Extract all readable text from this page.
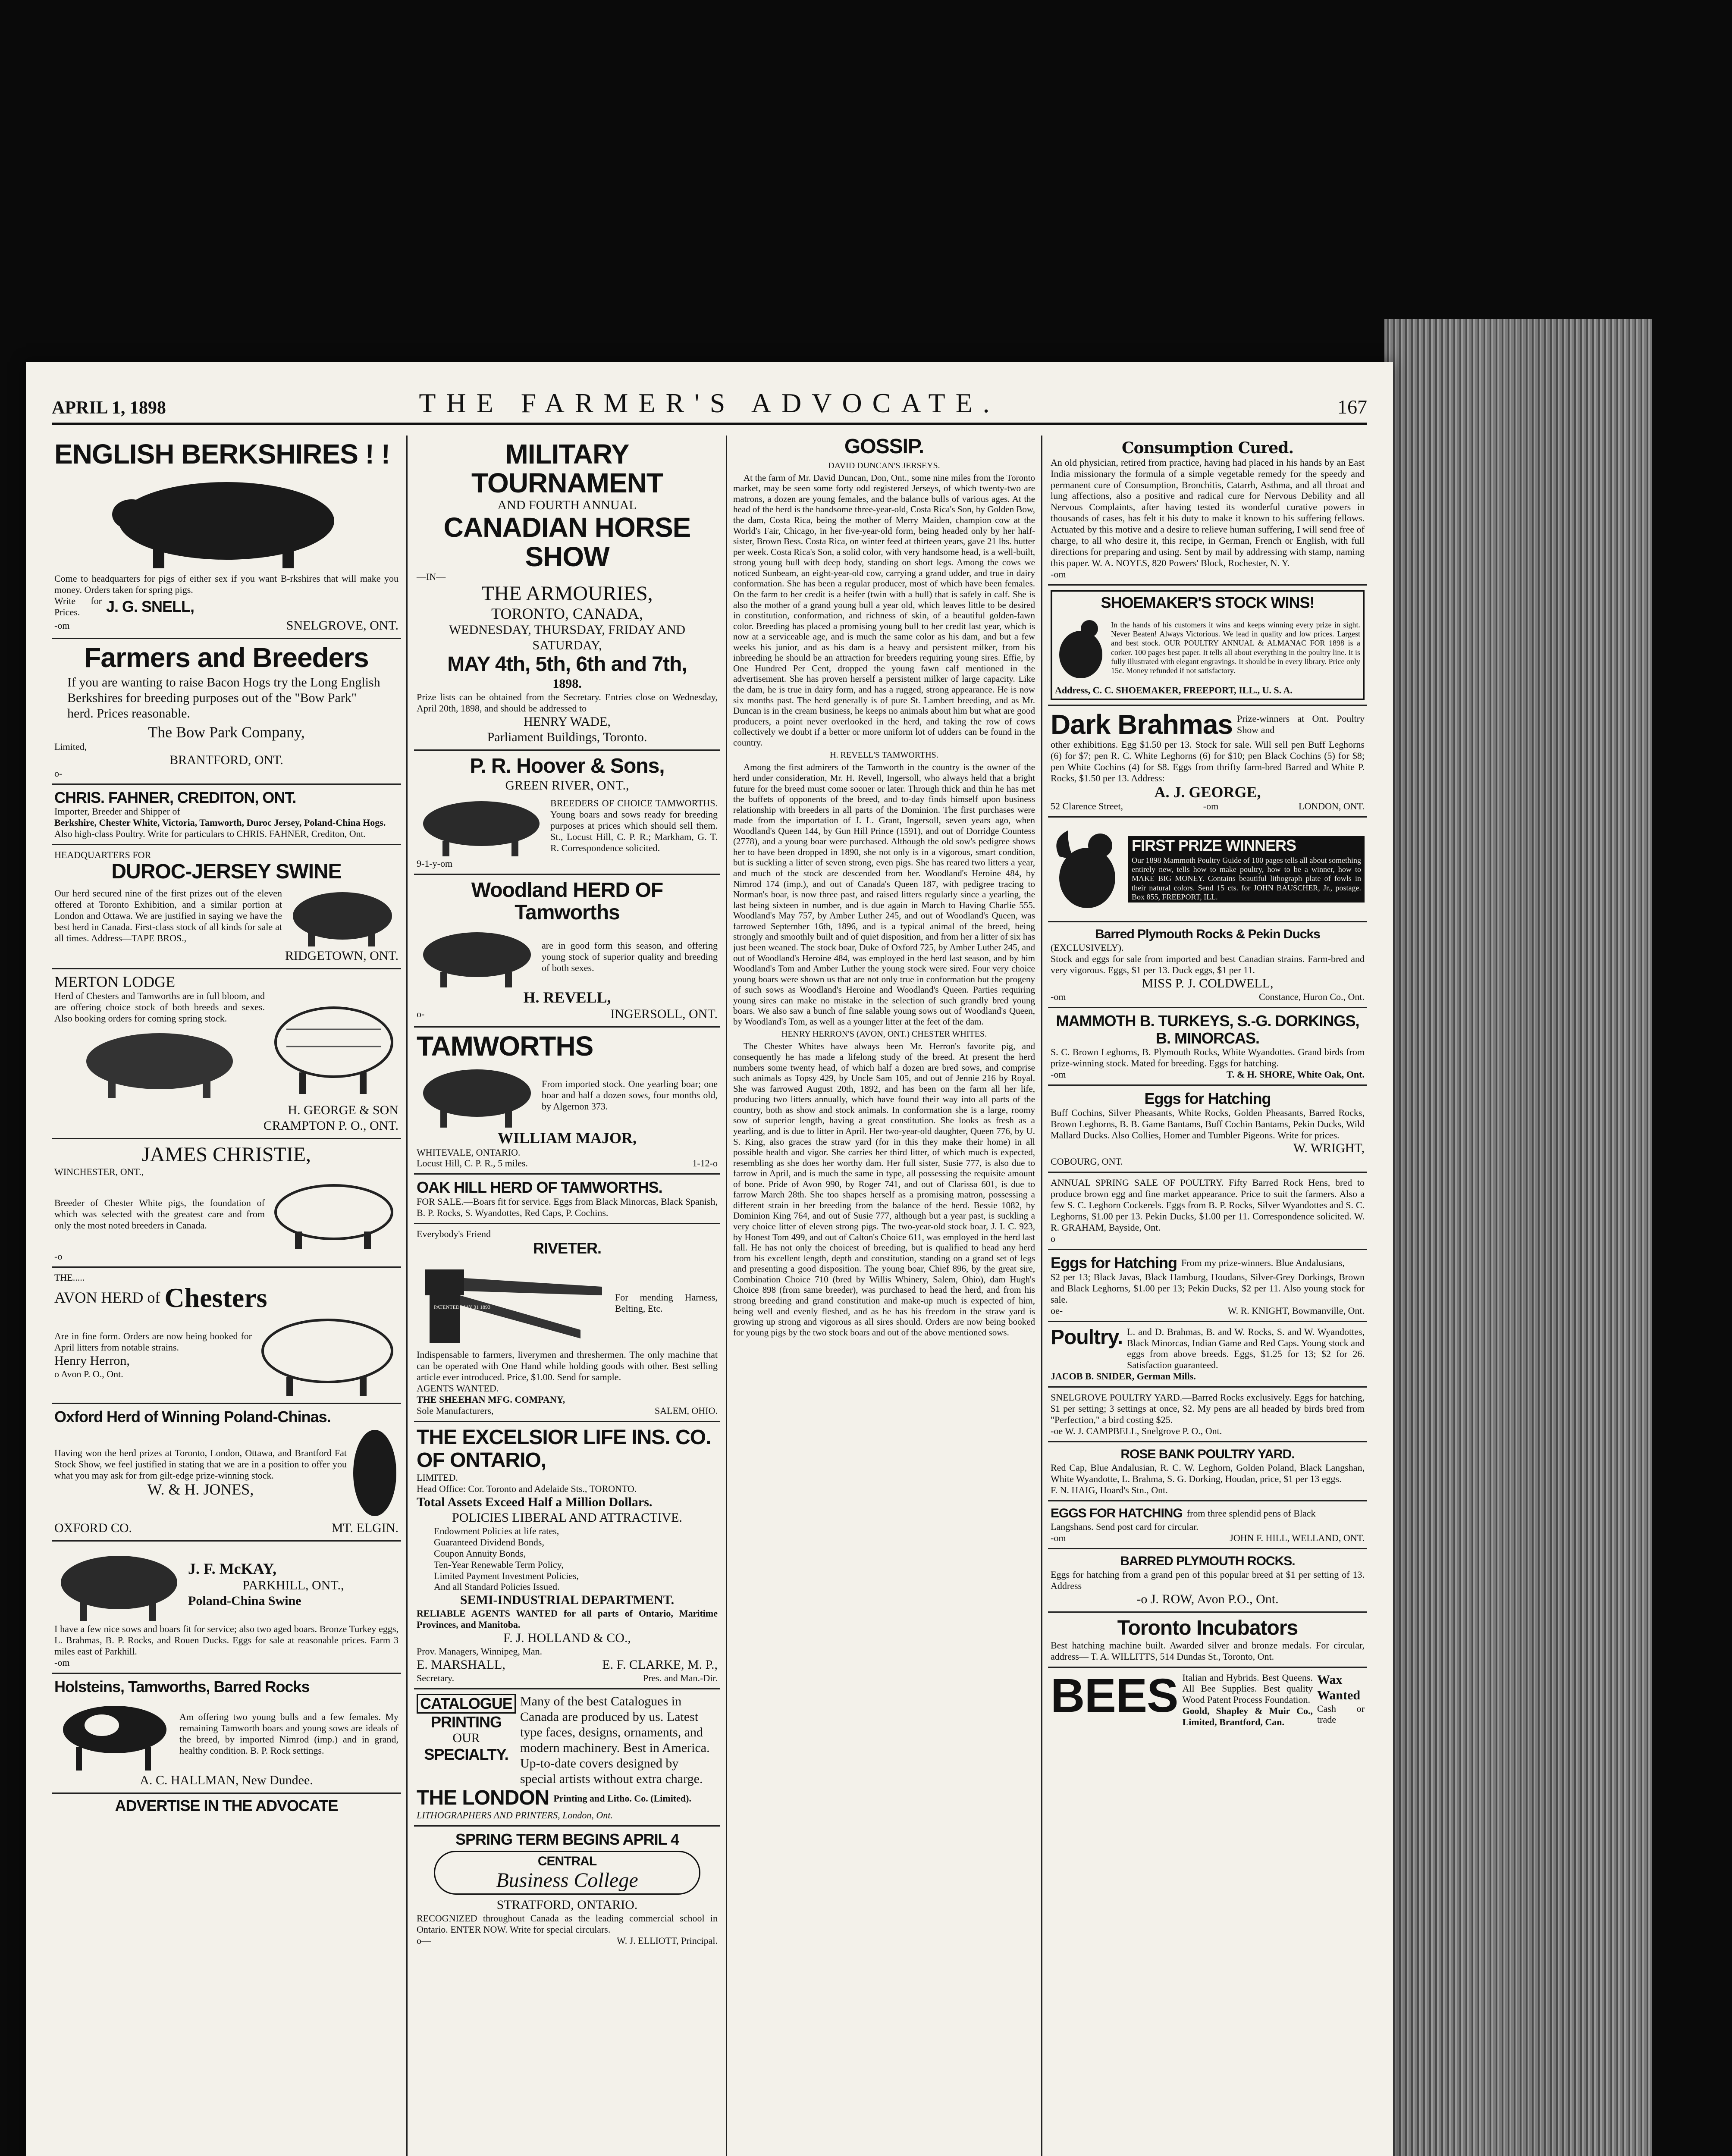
APRIL 1, 1898	THE FARMER'S ADVOCATE.	167
ENGLISH BERKSHIRES ! !
Come to headquarters for pigs of either sex if you want B-rkshires that will make you money. Orders taken for spring pigs.
Write for Prices.	J. G. SNELL,
-om	SNELGROVE, ONT.
Farmers and Breeders
If you are wanting to raise Bacon Hogs try the Long English Berkshires for breeding purposes out of the "Bow Park" herd. Prices reasonable.
The Bow Park Company,
Limited,
BRANTFORD, ONT.
o-
CHRIS. FAHNER, CREDITON, ONT.
Importer, Breeder and Shipper of
Berkshire, Chester White, Victoria, Tamworth, Duroc Jersey, Poland-China Hogs.
Also high-class Poultry. Write for particulars to CHRIS. FAHNER, Crediton, Ont.
HEADQUARTERS FOR
DUROC-JERSEY SWINE
Our herd secured nine of the first prizes out of the eleven offered at Toronto Exhibition, and a similar portion at London and Ottawa. We are justified in saying we have the best herd in Canada. First-class stock of all kinds for sale at all times. Address—TAPE BROS.,
RIDGETOWN, ONT.
MERTON LODGE
Herd of Chesters and Tamworths are in full bloom, and are offering choice stock of both breeds and sexes. Also booking orders for coming spring stock.
H. GEORGE & SON
CRAMPTON P. O., ONT.
JAMES CHRISTIE,
WINCHESTER, ONT.,
Breeder of Chester White pigs, the foundation of which was selected with the greatest care and from only the most noted breeders in Canada.
-o
THE.....
AVON HERD of Chesters
Are in fine form. Orders are now being booked for April litters from notable strains.
Henry Herron,
o Avon P. O., Ont.
Oxford Herd of Winning Poland-Chinas.
Having won the herd prizes at Toronto, London, Ottawa, and Brantford Fat Stock Show, we feel justified in stating that we are in a position to offer you what you may ask for from gilt-edge prize-winning stock.
W. & H. JONES,
OXFORD CO.	MT. ELGIN.
J. F. McKAY,
PARKHILL, ONT.,
Poland-China Swine
I have a few nice sows and boars fit for service; also two aged boars. Bronze Turkey eggs, L. Brahmas, B. P. Rocks, and Rouen Ducks. Eggs for sale at reasonable prices. Farm 3 miles east of Parkhill.
-om
Holsteins, Tamworths, Barred Rocks
Am offering two young bulls and a few females. My remaining Tamworth boars and young sows are ideals of the breed, by imported Nimrod (imp.) and in grand, healthy condition. B. P. Rock settings.
A. C. HALLMAN, New Dundee.
ADVERTISE IN THE ADVOCATE
MILITARY TOURNAMENT
AND FOURTH ANNUAL
CANADIAN HORSE SHOW
—IN—
THE ARMOURIES,
TORONTO, CANADA,
WEDNESDAY, THURSDAY, FRIDAY AND SATURDAY,
MAY 4th, 5th, 6th and 7th,
1898.
Prize lists can be obtained from the Secretary. Entries close on Wednesday, April 20th, 1898, and should be addressed to
HENRY WADE,
Parliament Buildings, Toronto.
P. R. Hoover & Sons,
GREEN RIVER, ONT.,
BREEDERS OF CHOICE TAMWORTHS. Young boars and sows ready for breeding purposes at prices which should sell them. St., Locust Hill, C. P. R.; Markham, G. T. R. Correspondence solicited.
9-1-y-om
Woodland HERD OF Tamworths
are in good form this season, and offering young stock of superior quality and breeding of both sexes.
H. REVELL,
o-	INGERSOLL, ONT.
TAMWORTHS
From imported stock. One yearling boar; one boar and half a dozen sows, four months old, by Algernon 373.
WILLIAM MAJOR,
WHITEVALE, ONTARIO.
Locust Hill, C. P. R., 5 miles.	1-12-o
OAK HILL HERD OF TAMWORTHS.
FOR SALE.—Boars fit for service. Eggs from Black Minorcas, Black Spanish, B. P. Rocks, S. Wyandottes, Red Caps, P. Cochins.
Everybody's Friend
RIVETER.
PATENTED MAY 31 1893
For mending Harness, Belting, Etc.
Indispensable to farmers, liverymen and threshermen. The only machine that can be operated with One Hand while holding goods with other. Best selling article ever introduced. Price, $1.00. Send for sample.
AGENTS WANTED.
THE SHEEHAN MFG. COMPANY,
Sole Manufacturers,	SALEM, OHIO.
THE EXCELSIOR LIFE INS. CO. OF ONTARIO,
LIMITED.
Head Office: Cor. Toronto and Adelaide Sts., TORONTO.
Total Assets Exceed Half a Million Dollars.
POLICIES LIBERAL AND ATTRACTIVE.
Endowment Policies at life rates,
Guaranteed Dividend Bonds,
Coupon Annuity Bonds,
Ten-Year Renewable Term Policy,
Limited Payment Investment Policies,
And all Standard Policies Issued.
SEMI-INDUSTRIAL DEPARTMENT.
RELIABLE AGENTS WANTED for all parts of Ontario, Maritime Provinces, and Manitoba.
F. J. HOLLAND & CO.,
Prov. Managers, Winnipeg, Man.
E. MARSHALL,	E. F. CLARKE, M. P.,
Secretary.	Pres. and Man.-Dir.
CATALOGUE
PRINTING
OUR
SPECIALTY.
Many of the best Catalogues in Canada are produced by us. Latest type faces, designs, ornaments, and modern machinery. Best in America. Up-to-date covers designed by special artists without extra charge.
THE LONDON Printing and Litho. Co. (Limited).
LITHOGRAPHERS AND PRINTERS, London, Ont.
SPRING TERM BEGINS APRIL 4
CENTRAL
Business College
STRATFORD, ONTARIO.
RECOGNIZED throughout Canada as the leading commercial school in Ontario. ENTER NOW. Write for special circulars.
o—	W. J. ELLIOTT, Principal.
GOSSIP.
DAVID DUNCAN'S JERSEYS.

At the farm of Mr. David Duncan, Don, Ont., some nine miles from the Toronto market, may be seen some forty odd registered Jerseys, of which twenty-two are matrons, a dozen are young females, and the balance bulls of various ages. At the head of the herd is the handsome three-year-old, Costa Rica's Son, by Golden Bow, the dam, Costa Rica, being the mother of Merry Maiden, champion cow at the World's Fair, Chicago, in her five-year-old form, being headed only by her half-sister, Brown Bess. Costa Rica, on winter feed at thirteen years, gave 21 lbs. butter per week. Costa Rica's Son, a solid color, with very handsome head, is a well-built, strong young bull with deep body, standing on short legs. Among the cows we noticed Sunbeam, an eight-year-old cow, carrying a grand udder, and true in dairy conformation. She has been a regular producer, most of which have been females. On the farm to her credit is a heifer (twin with a bull) that is safely in calf. She is also the mother of a grand young bull a year old, which leaves little to be desired in constitution, conformation, and richness of skin, of a beautiful golden-fawn color. Breeding has placed a promising young bull to her credit last year, which is now at a serviceable age, and is much the same color as his dam, and but a few weeks his junior, and as his dam is a heavy and persistent milker, from his inbreeding he should be an attraction for breeders requiring young sires. Effie, by One Hundred Per Cent, dropped the young fawn calf mentioned in the advertisement. She has proven herself a persistent milker of large capacity. Like the dam, he is true in dairy form, and has a rugged, strong appearance. He is now six months past. The herd generally is of pure St. Lambert breeding, and as Mr. Duncan is in the cream business, he keeps no animals about him but what are good producers, a point never overlooked in the herd, and taking the row of cows collectively we doubt if a better or more uniform lot of udders can be found in the country.

H. REVELL'S TAMWORTHS.

Among the first admirers of the Tamworth in the country is the owner of the herd under consideration, Mr. H. Revell, Ingersoll, who always held that a bright future for the breed must come sooner or later. Through thick and thin he has met the buffets of opponents of the breed, and to-day finds himself upon business relationship with breeders in all parts of the Dominion. The first purchases were made from the importation of J. L. Grant, Ingersoll, seven years ago, when Woodland's Queen 144, by Gun Hill Prince (1591), and out of Dorridge Countess (2778), and a young boar were purchased. Although the old sow's pedigree shows her to have been dropped in 1890, she not only is in a vigorous, smart condition, but is suckling a litter of seven strong, even pigs. She has reared two litters a year, and much of the stock are descended from her. Woodland's Heroine 484, by Nimrod 174 (imp.), and out of Canada's Queen 187, with pedigree tracing to Norman's boar, is now three past, and raised litters regularly since a yearling, the last being sixteen in number, and is due again in March to Having Charlie 555. Woodland's May 757, by Amber Luther 245, and out of Woodland's Queen, was farrowed September 16th, 1896, and is a typical animal of the breed, being strongly and smoothly built and of quiet disposition, and from her a litter of six has just been weaned. The stock boar, Duke of Oxford 725, by Amber Luther 245, and out of Woodland's Heroine 484, was employed in the herd last season, and by him Woodland's Tom and Amber Luther the young stock were sired. Four very choice young boars were shown us that are not only true in conformation but the progeny of such sows as Woodland's Heroine and Woodland's Queen. Parties requiring young sires can make no mistake in the selection of such grandly bred young boars. We also saw a bunch of fine salable young sows out of Woodland's Queen, by Woodland's Tom, as well as a younger litter at the feet of the dam.

HENRY HERRON'S (AVON, ONT.) CHESTER WHITES.

The Chester Whites have always been Mr. Herron's favorite pig, and consequently he has made a lifelong study of the breed. At present the herd numbers some twenty head, of which half a dozen are bred sows, and comprise such animals as Topsy 429, by Uncle Sam 105, and out of Jennie 216 by Royal. She was farrowed August 20th, 1892, and has been on the farm all her life, producing two litters annually, which have found their way into all parts of the country, both as show and stock animals. In conformation she is a large, roomy sow of superior length, having a great constitution. She looks as fresh as a yearling, and is due to litter in April. Her two-year-old daughter, Queen 776, by U. S. King, also graces the straw yard (for in this they make their home) in all possible health and vigor. She carries her third litter, of which much is expected, resembling as she does her worthy dam. Her full sister, Susie 777, is also due to farrow in April, and is much the same in type, all possessing the requisite amount of bone. Pride of Avon 990, by Roger 741, and out of Clarissa 601, is due to farrow March 28th. She too shapes herself as a promising matron, possessing a different strain in her breeding from the balance of the herd. Bessie 1082, by Dominion King 764, and out of Susie 777, although but a year past, is suckling a very choice litter of eleven strong pigs. The two-year-old stock boar, J. I. C. 923, by Honest Tom 499, and out of Calton's Choice 611, was employed in the herd last fall. He has not only the choicest of breeding, but is qualified to head any herd from his excellent length, depth and constitution, standing on a grand set of legs and presenting a good disposition. The young boar, Chief 896, by the great sire, Combination Choice 710 (bred by Willis Whinery, Salem, Ohio), dam Hugh's Choice 898 (from same breeder), was purchased to head the herd, and from his strong breeding and grand constitution and make-up much is expected of him, being well and evenly fleshed, and as he has his freedom in the straw yard is growing up strong and vigorous as all sires should. Orders are now being booked for young pigs by the two stock boars and out of the above mentioned sows.

Consumption Cured.
An old physician, retired from practice, having had placed in his hands by an East India missionary the formula of a simple vegetable remedy for the speedy and permanent cure of Consumption, Bronchitis, Catarrh, Asthma, and all throat and lung affections, also a positive and radical cure for Nervous Debility and all Nervous Complaints, after having tested its wonderful curative powers in thousands of cases, has felt it his duty to make it known to his suffering fellows. Actuated by this motive and a desire to relieve human suffering, I will send free of charge, to all who desire it, this recipe, in German, French or English, with full directions for preparing and using. Sent by mail by addressing with stamp, naming this paper. W. A. NOYES, 820 Powers' Block, Rochester, N. Y.
-om
SHOEMAKER'S STOCK WINS!
In the hands of his customers it wins and keeps winning every prize in sight. Never Beaten! Always Victorious. We lead in quality and low prices. Largest and best stock. OUR POULTRY ANNUAL & ALMANAC FOR 1898 is a corker. 100 pages best paper. It tells all about everything in the poultry line. It is fully illustrated with elegant engravings. It should be in every library. Price only 15c. Money refunded if not satisfactory.
Address, C. C. SHOEMAKER, FREEPORT, ILL., U. S. A.
Dark Brahmas Prize-winners at Ont. Poultry Show and
other exhibitions. Egg $1.50 per 13. Stock for sale. Will sell pen Buff Leghorns (6) for $7; pen R. C. White Leghorns (6) for $10; pen Black Cochins (5) for $8; pen White Cochins (4) for $8. Eggs from thrifty farm-bred Barred and White P. Rocks, $1.50 per 13. Address:
A. J. GEORGE,
52 Clarence Street,	-om	LONDON, ONT.
FIRST PRIZE WINNERS
Our 1898 Mammoth Poultry Guide of 100 pages tells all about something entirely new, tells how to make poultry, how to be a winner, how to MAKE BIG MONEY. Contains beautiful lithograph plate of fowls in their natural colors. Send 15 cts. for JOHN BAUSCHER, Jr., postage. Box 855, FREEPORT, ILL.
Barred Plymouth Rocks & Pekin Ducks
(EXCLUSIVELY).
Stock and eggs for sale from imported and best Canadian strains. Farm-bred and very vigorous. Eggs, $1 per 13. Duck eggs, $1 per 11.
MISS P. J. COLDWELL,
-om	Constance, Huron Co., Ont.
MAMMOTH B. TURKEYS, S.-G. DORKINGS, B. MINORCAS.
S. C. Brown Leghorns, B. Plymouth Rocks, White Wyandottes. Grand birds from prize-winning stock. Mated for breeding. Eggs for hatching.
-om	T. & H. SHORE, White Oak, Ont.
Eggs for Hatching
Buff Cochins, Silver Pheasants, White Rocks, Golden Pheasants, Barred Rocks, Brown Leghorns, B. B. Game Bantams, Buff Cochin Bantams, Pekin Ducks, Wild Mallard Ducks. Also Collies, Homer and Tumbler Pigeons. Write for prices.
W. WRIGHT,
COBOURG, ONT.
ANNUAL SPRING SALE OF POULTRY. Fifty Barred Rock Hens, bred to produce brown egg and fine market appearance. Price to suit the farmers. Also a few S. C. Leghorn Cockerels. Eggs from B. P. Rocks, Silver Wyandottes and S. C. Leghorns, $1.00 per 13. Pekin Ducks, $1.00 per 11. Correspondence solicited. W. R. GRAHAM, Bayside, Ont.
o
Eggs for Hatching From my prize-winners. Blue Andalusians,
$2 per 13; Black Javas, Black Hamburg, Houdans, Silver-Grey Dorkings, Brown and Black Leghorns, $1.00 per 13; Pekin Ducks, $2 per 11. Also young stock for sale.
oe-	W. R. KNIGHT, Bowmanville, Ont.
Poultry. L. and D. Brahmas, B. and W. Rocks, S. and W. Wyandottes, Black Minorcas, Indian Game and Red Caps. Young stock and eggs from above breeds. Eggs, $1.25 for 13; $2 for 26. Satisfaction guaranteed.
JACOB B. SNIDER, German Mills.
SNELGROVE POULTRY YARD.—Barred Rocks exclusively. Eggs for hatching, $1 per setting; 3 settings at once, $2. My pens are all headed by birds bred from "Perfection," a bird costing $25.
-oe W. J. CAMPBELL, Snelgrove P. O., Ont.
ROSE BANK POULTRY YARD.
Red Cap, Blue Andalusian, R. C. W. Leghorn, Golden Poland, Black Langshan, White Wyandotte, L. Brahma, S. G. Dorking, Houdan, price, $1 per 13 eggs.
F. N. HAIG, Hoard's Stn., Ont.
EGGS FOR HATCHING from three splendid pens of Black
Langshans. Send post card for circular.
-om	JOHN F. HILL, WELLAND, ONT.
BARRED PLYMOUTH ROCKS.
Eggs for hatching from a grand pen of this popular breed at $1 per setting of 13. Address
-o J. ROW, Avon P.O., Ont.
Toronto Incubators
Best hatching machine built. Awarded silver and bronze medals. For circular, address— T. A. WILLITTS, 514 Dundas St., Toronto, Ont.
BEES Italian and Hybrids. Best Queens. All Bee Supplies. Best quality Wood Patent Process Foundation.
Goold, Shapley & Muir Co., Limited, Brantford, Can.
Wax Wanted
Cash or trade
